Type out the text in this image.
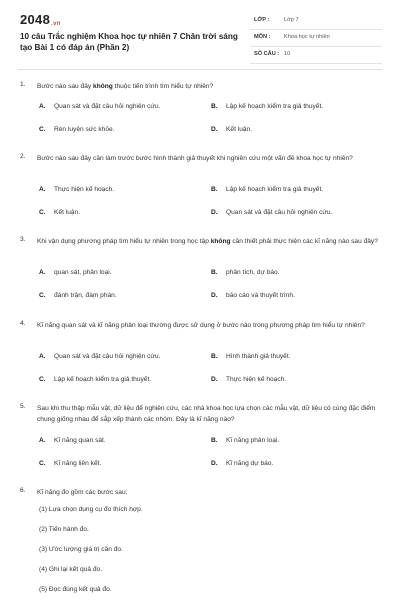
2048.vn
10 câu Trắc nghiệm Khoa học tự nhiên 7 Chân trời sáng tạo Bài 1 có đáp án (Phần 2)
LỚP :	Lớp 7
MÔN : Khoa học tự nhiên
SỐ CÂU : 10
1. Bước nào sau đây không thuộc tiến trình tìm hiểu tự nhiên?
A. Quan sát và đặt câu hỏi nghiên cứu.	B. Lập kế hoạch kiểm tra giả thuyết.
C. Rèn luyện sức khỏe.	D. Kết luận.
2. Bước nào sau đây cần làm trước bước hình thành giả thuyết khi nghiên cứu một vấn đề khoa học tự nhiên?
A. Thực hiện kế hoạch.	B. Lập kế hoạch kiểm tra giả thuyết.
C. Kết luận.	D. Quan sát và đặt câu hỏi nghiên cứu.
3. Khi vận dụng phương pháp tìm hiểu tự nhiên trong học tập không cần thiết phải thực hiện các kĩ năng nào sau đây?
A. quan sát, phân loại.	B. phân tích, dự báo.
C. đánh trận, đàm phán.	D. báo cáo và thuyết trình.
4. Kĩ năng quan sát và kĩ năng phân loại thường được sử dụng ở bước nào trong phương pháp tìm hiểu tự nhiên?
A. Quan sát và đặt câu hỏi nghiên cứu.	B. Hình thành giả thuyết.
C. Lập kế hoạch kiểm tra giả thuyết.	D. Thực hiện kế hoạch.
5. Sau khi thu thập mẫu vật, dữ liệu để nghiên cứu, các nhà khoa học lựa chọn các mẫu vật, dữ liệu có cùng đặc điểm chung giống nhau để sắp xếp thành các nhóm. Đây là kĩ năng nào?
A. Kĩ năng quan sát.	B. Kĩ năng phân loại.
C. Kĩ năng liên kết.	D. Kĩ năng dự báo.
6. Kĩ năng đo gồm các bước sau:
(1) Lựa chọn dụng cụ đo thích hợp.
(2) Tiến hành đo.
(3) Ước lượng giá trị cần đo.
(4) Ghi lại kết quả đo.
(5) Đọc đúng kết quả đo.
